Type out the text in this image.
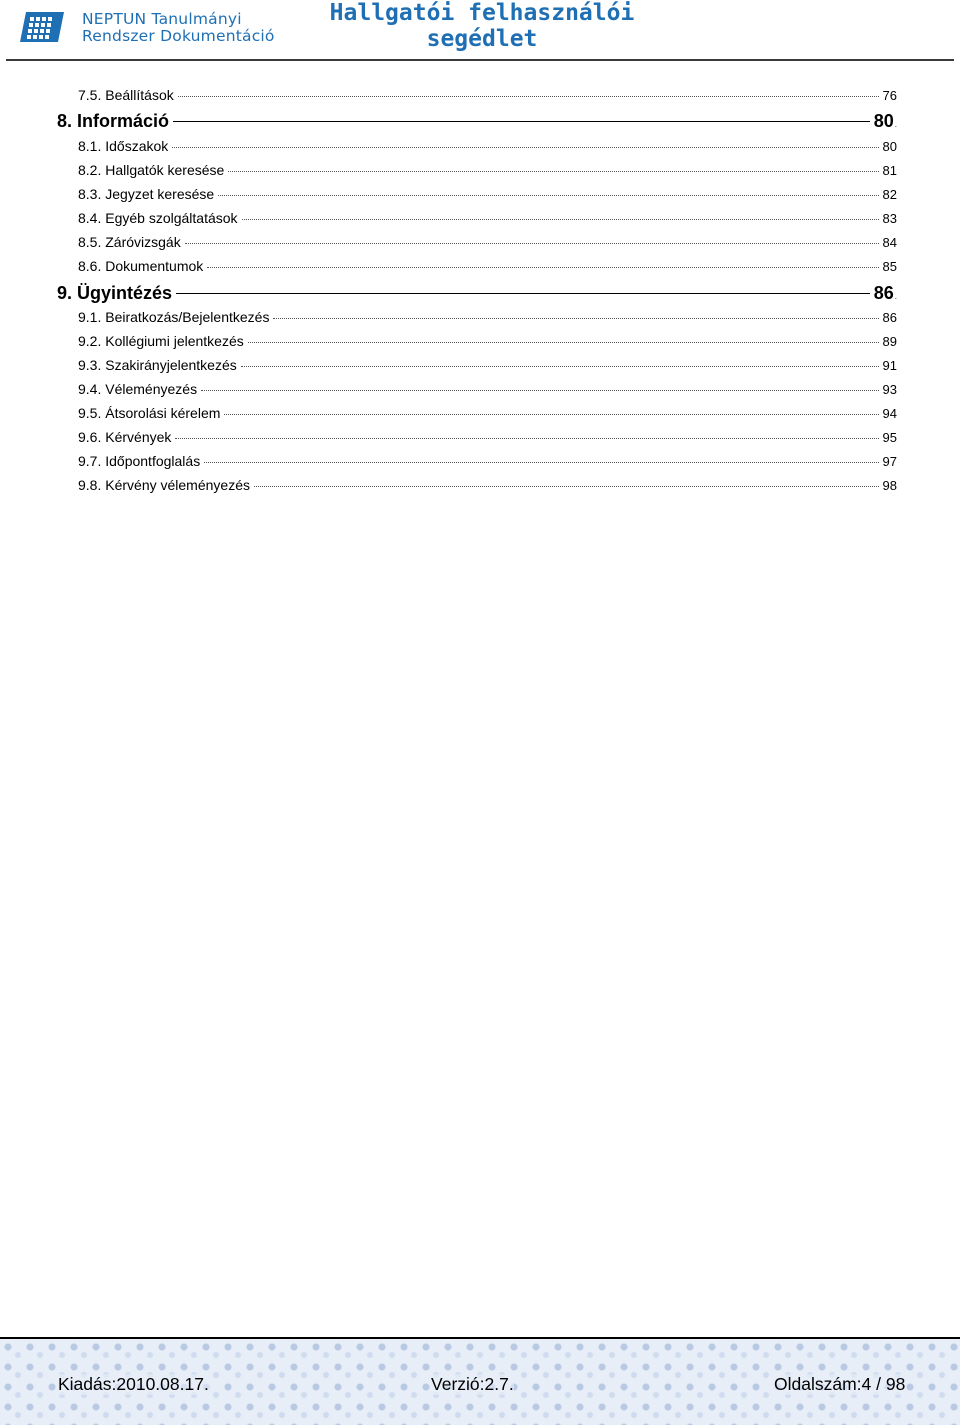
NEPTUN Tanulmányi
Rendszer Dokumentáció
Hallgatói felhasználói
segédlet
7.5. Beállítások	76
8. Információ	80 .
8.1. Időszakok	80
8.2. Hallgatók keresése	81
8.3. Jegyzet keresése	82
8.4. Egyéb szolgáltatások	83
8.5. Záróvizsgák	84
8.6. Dokumentumok	85
9. Ügyintézés	86 .
9.1. Beiratkozás/Bejelentkezés	86
9.2. Kollégiumi jelentkezés	89
9.3. Szakirányjelentkezés	91
9.4. Véleményezés	93
9.5. Átsorolási kérelem	94
9.6. Kérvények	95
9.7. Időpontfoglalás	97
9.8. Kérvény véleményezés	98
Kiadás:2010.08.17.	Verzió:2.7.	Oldalszám:4 / 98
